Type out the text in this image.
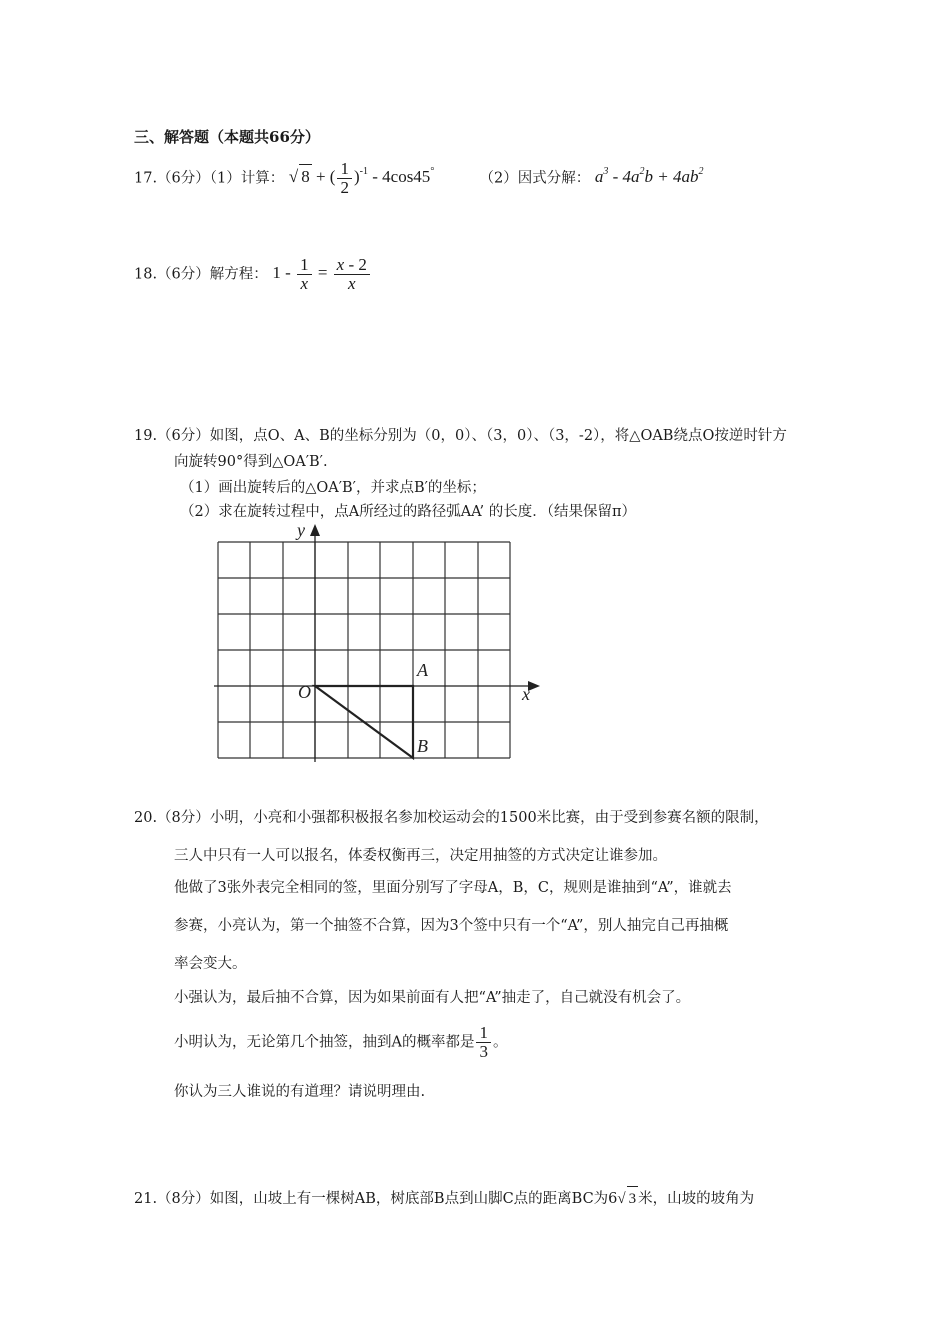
三、解答题（本题共66分）
17.（6分）（1）计算： √ 8 + ( $\frac{1}{2} )^{-1} - 4\cos 45^\circ$	（2）因式分解： $a^3 - 4a^2b + 4ab^2$
18.（6分）解方程： $1 - \frac{1}{x} = \frac{x - 2}{x}$
19.（6分）如图，点O、A、B的坐标分别为（0，0）、（3，0）、（3，-2），将△OAB绕点O按逆时针方
向旋转90°得到△OA′B′.
（1）画出旋转后的△OA′B′，并求点B′的坐标；
（2）求在旋转过程中，点A所经过的路径弧AA’ 的长度．（结果保留π）
y
x
O
A
B
20.（8分）小明，小亮和小强都积极报名参加校运动会的1500米比赛，由于受到参赛名额的限制，
三人中只有一人可以报名，体委权衡再三，决定用抽签的方式决定让谁参加。
他做了3张外表完全相同的签，里面分别写了字母A，B，C，规则是谁抽到“A”，谁就去
参赛，小亮认为，第一个抽签不合算，因为3个签中只有一个“A”，别人抽完自己再抽概
率会变大。
小强认为，最后抽不合算，因为如果前面有人把“A”抽走了，自己就没有机会了。
小明认为，无论第几个抽签，抽到A的概率都是 $\frac{1}{3}$ 。
你认为三人谁说的有道理？请说明理由.
21.（8分）如图，山坡上有一棵树AB，树底部B点到山脚C点的距离BC为6√ 3 米，山坡的坡角为
